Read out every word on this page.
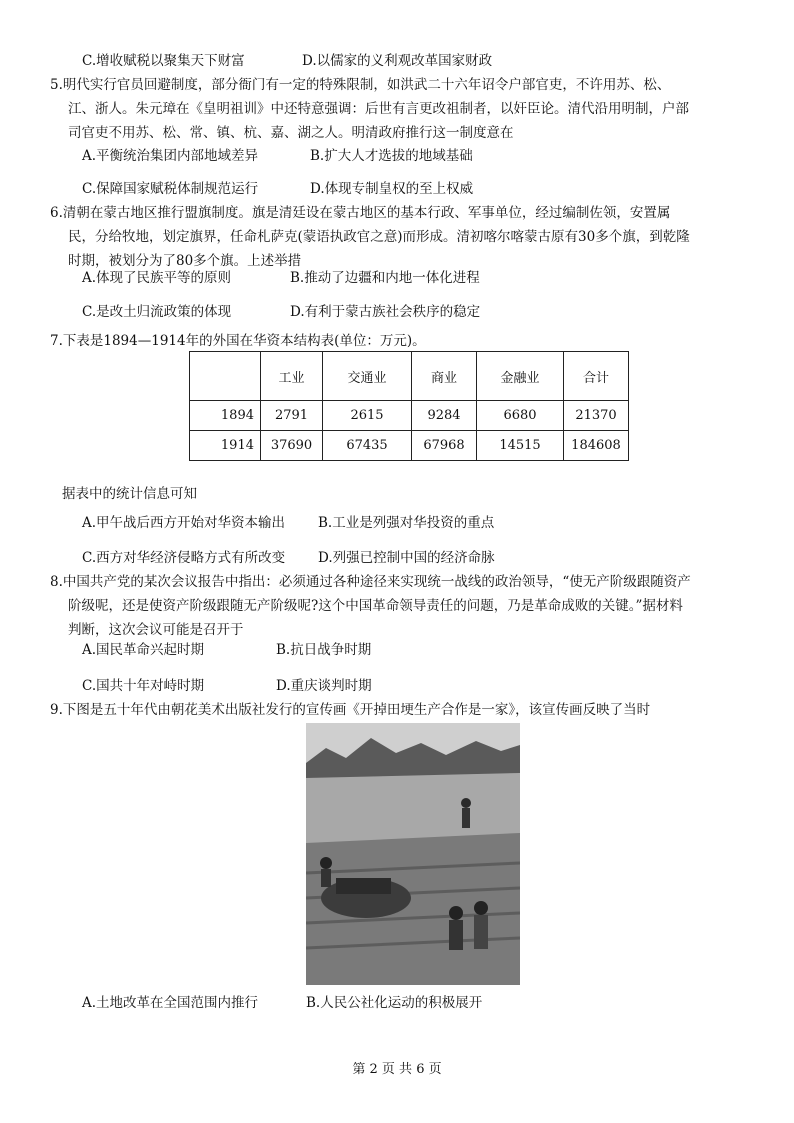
C.增收赋税以聚集天下财富	D.以儒家的义利观改革国家财政
5.明代实行官员回避制度，部分衙门有一定的特殊限制，如洪武二十六年诏令户部官吏，不许用苏、松、
江、浙人。朱元璋在《皇明祖训》中还特意强调：后世有言更改祖制者，以奸臣论。清代沿用明制，户部
司官吏不用苏、松、常、镇、杭、嘉、湖之人。明清政府推行这一制度意在
A.平衡统治集团内部地域差异	B.扩大人才选拔的地域基础
C.保障国家赋税体制规范运行	D.体现专制皇权的至上权威
6.清朝在蒙古地区推行盟旗制度。旗是清廷设在蒙古地区的基本行政、军事单位，经过编制佐领，安置属
民，分给牧地，划定旗界，任命札萨克(蒙语执政官之意)而形成。清初喀尔喀蒙古原有30多个旗，到乾隆
时期，被划分为了80多个旗。上述举措
A.体现了民族平等的原则	B.推动了边疆和内地一体化进程
C.是改土归流政策的体现	D.有利于蒙古族社会秩序的稳定
7.下表是1894—1914年的外国在华资本结构表(单位：万元)。
	工业	交通业	商业	金融业	合计
1894	2791	2615	9284	6680	21370
1914	37690	67435	67968	14515	184608
据表中的统计信息可知
A.甲午战后西方开始对华资本输出 B.工业是列强对华投资的重点
C.西方对华经济侵略方式有所改变 D.列强已控制中国的经济命脉
8.中国共产党的某次会议报告中指出：必须通过各种途径来实现统一战线的政治领导，“使无产阶级跟随资产
阶级呢，还是使资产阶级跟随无产阶级呢?这个中国革命领导责任的问题，乃是革命成败的关键。”据材料
判断，这次会议可能是召开于
A.国民革命兴起时期	B.抗日战争时期
C.国共十年对峙时期	D.重庆谈判时期
9.下图是五十年代由朝花美术出版社发行的宣传画《开掉田埂生产合作是一家》，该宣传画反映了当时
A.土地改革在全国范围内推行	B.人民公社化运动的积极展开
第 2 页 共 6 页
